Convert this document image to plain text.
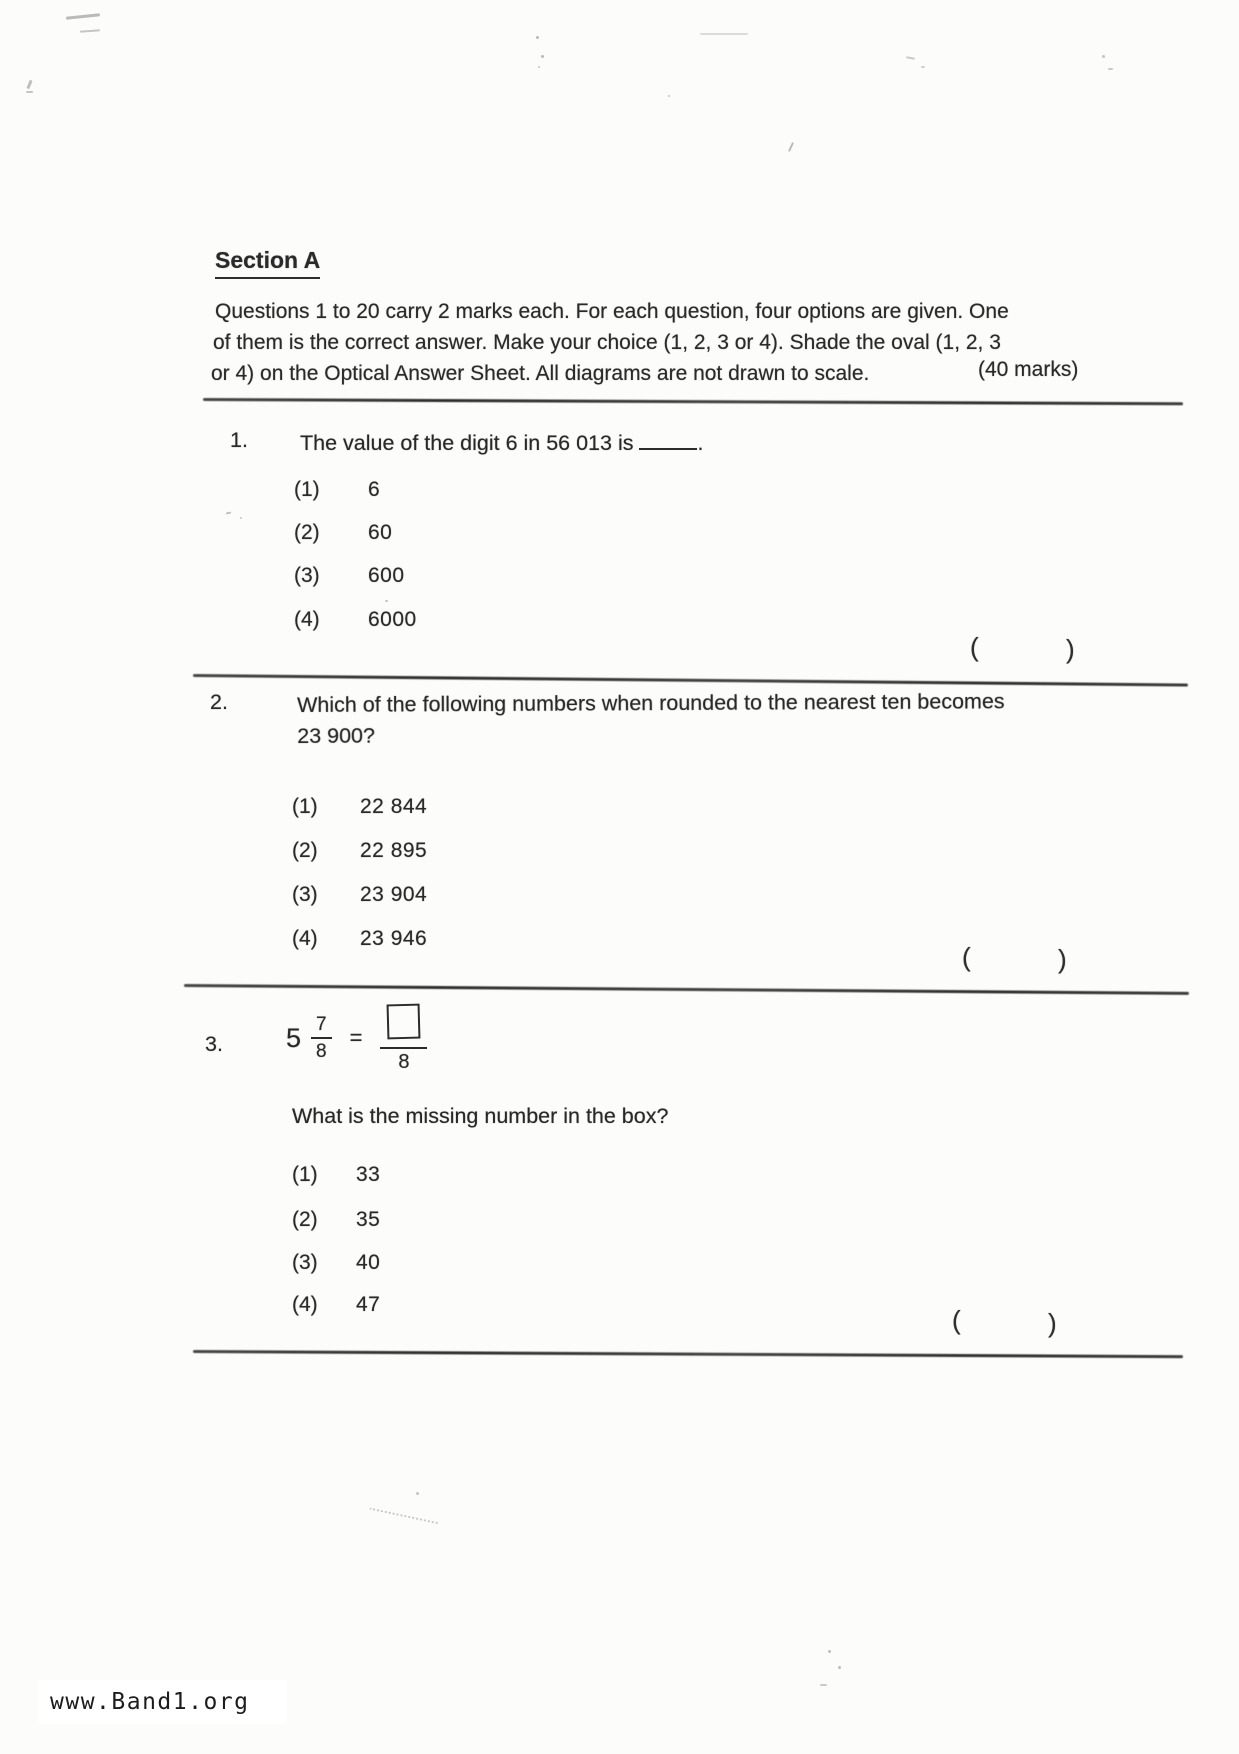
Section A
Questions 1 to 20 carry 2 marks each. For each question, four options are given. One
of them is the correct answer. Make your choice (1, 2, 3 or 4). Shade the oval (1, 2, 3
or 4) on the Optical Answer Sheet. All diagrams are not drawn to scale.	(40 marks)
1. The value of the digit 6 in 56 013 is	.
(1) 6
(2) 60
(3) 600
(4) 6000
(	)
2.	Which of the following numbers when rounded to the nearest ten becomes
23 900?
(1) 22 844
(2) 22 895
(3) 23 904
(4) 23 946
(	)
3. $5 \frac{7}{8}$ =
8
What is the missing number in the box?
(1) 33
(2) 35
(3) 40
(4) 47
(	)
www.Band1.org
